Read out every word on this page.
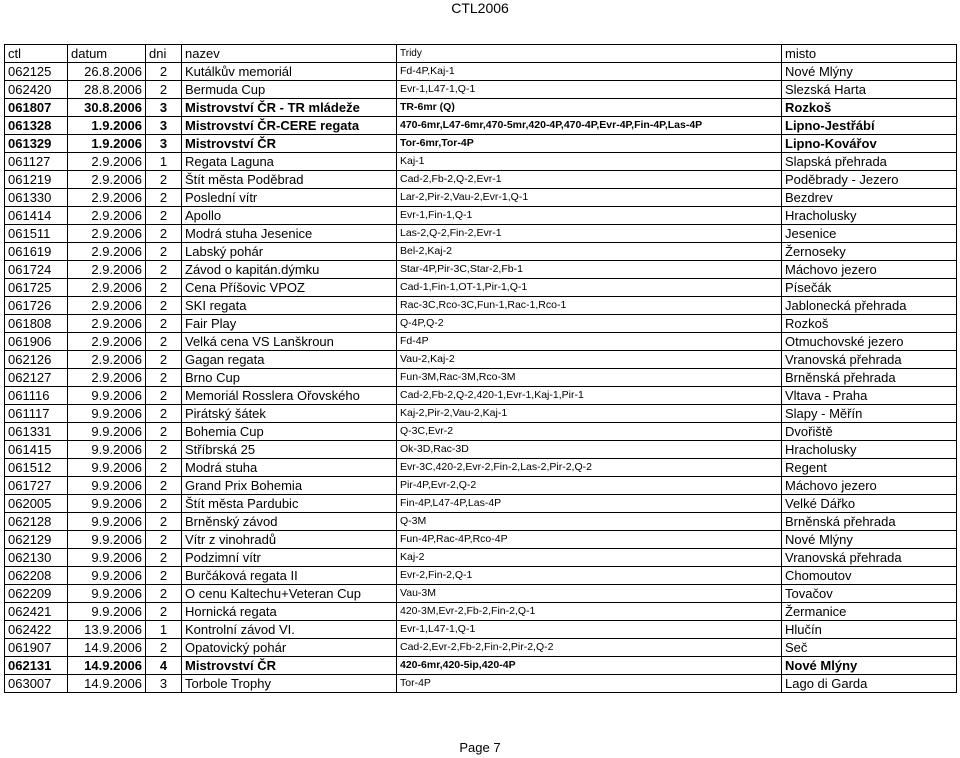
CTL2006
ctl	datum	dni	nazev	Tridy	misto
062125	26.8.2006	2	Kutálkův memoriál	Fd-4P,Kaj-1	Nové Mlýny
062420	28.8.2006	2	Bermuda Cup	Evr-1,L47-1,Q-1	Slezská Harta
061807	30.8.2006	3	Mistrovství ČR - TR mládeže	TR-6mr (Q)	Rozkoš
061328	1.9.2006	3	Mistrovství ČR-CERE regata	470-6mr,L47-6mr,470-5mr,420-4P,470-4P,Evr-4P,Fin-4P,Las-4P	Lipno-Jestřábí
061329	1.9.2006	3	Mistrovství ČR	Tor-6mr,Tor-4P	Lipno-Kovářov
061127	2.9.2006	1	Regata Laguna	Kaj-1	Slapská přehrada
061219	2.9.2006	2	Štít města Poděbrad	Cad-2,Fb-2,Q-2,Evr-1	Poděbrady - Jezero
061330	2.9.2006	2	Poslední vítr	Lar-2,Pir-2,Vau-2,Evr-1,Q-1	Bezdrev
061414	2.9.2006	2	Apollo	Evr-1,Fin-1,Q-1	Hracholusky
061511	2.9.2006	2	Modrá stuha Jesenice	Las-2,Q-2,Fin-2,Evr-1	Jesenice
061619	2.9.2006	2	Labský pohár	Bel-2,Kaj-2	Žernoseky
061724	2.9.2006	2	Závod o kapitán.dýmku	Star-4P,Pir-3C,Star-2,Fb-1	Máchovo jezero
061725	2.9.2006	2	Cena Příšovic VPOZ	Cad-1,Fin-1,OT-1,Pir-1,Q-1	Písečák
061726	2.9.2006	2	SKI regata	Rac-3C,Rco-3C,Fun-1,Rac-1,Rco-1	Jablonecká přehrada
061808	2.9.2006	2	Fair Play	Q-4P,Q-2	Rozkoš
061906	2.9.2006	2	Velká cena VS Lanškroun	Fd-4P	Otmuchovské jezero
062126	2.9.2006	2	Gagan regata	Vau-2,Kaj-2	Vranovská přehrada
062127	2.9.2006	2	Brno Cup	Fun-3M,Rac-3M,Rco-3M	Brněnská přehrada
061116	9.9.2006	2	Memoriál Rosslera Ořovského	Cad-2,Fb-2,Q-2,420-1,Evr-1,Kaj-1,Pir-1	Vltava - Praha
061117	9.9.2006	2	Pirátský šátek	Kaj-2,Pir-2,Vau-2,Kaj-1	Slapy - Měřín
061331	9.9.2006	2	Bohemia Cup	Q-3C,Evr-2	Dvořiště
061415	9.9.2006	2	Stříbrská 25	Ok-3D,Rac-3D	Hracholusky
061512	9.9.2006	2	Modrá stuha	Evr-3C,420-2,Evr-2,Fin-2,Las-2,Pir-2,Q-2	Regent
061727	9.9.2006	2	Grand Prix Bohemia	Pir-4P,Evr-2,Q-2	Máchovo jezero
062005	9.9.2006	2	Štít města Pardubic	Fin-4P,L47-4P,Las-4P	Velké Dářko
062128	9.9.2006	2	Brněnský závod	Q-3M	Brněnská přehrada
062129	9.9.2006	2	Vítr z vinohradů	Fun-4P,Rac-4P,Rco-4P	Nové Mlýny
062130	9.9.2006	2	Podzimní vítr	Kaj-2	Vranovská přehrada
062208	9.9.2006	2	Burčáková regata II	Evr-2,Fin-2,Q-1	Chomoutov
062209	9.9.2006	2	O cenu Kaltechu+Veteran Cup	Vau-3M	Tovačov
062421	9.9.2006	2	Hornická regata	420-3M,Evr-2,Fb-2,Fin-2,Q-1	Žermanice
062422	13.9.2006	1	Kontrolní závod VI.	Evr-1,L47-1,Q-1	Hlučín
061907	14.9.2006	2	Opatovický pohár	Cad-2,Evr-2,Fb-2,Fin-2,Pir-2,Q-2	Seč
062131	14.9.2006	4	Mistrovství ČR	420-6mr,420-5ip,420-4P	Nové Mlýny
063007	14.9.2006	3	Torbole Trophy	Tor-4P	Lago di Garda
Page 7
